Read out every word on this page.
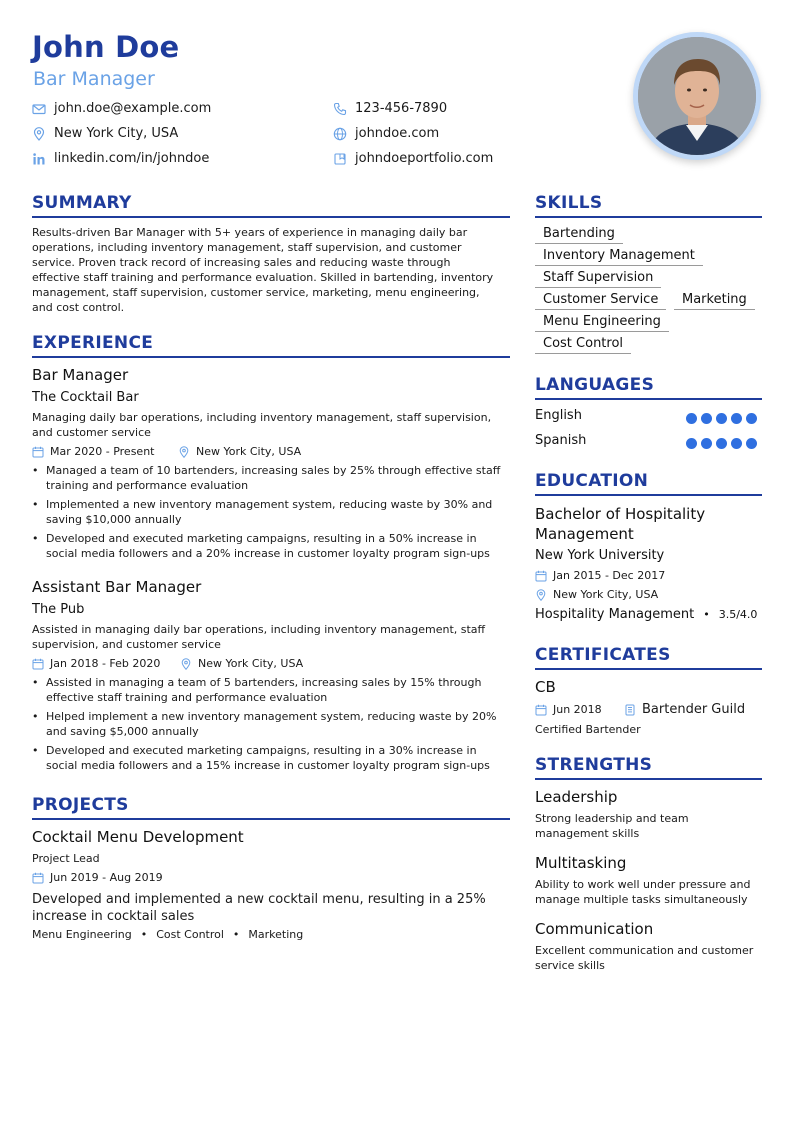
John Doe
Bar Manager
john.doe@example.com	123-456-7890
New York City, USA	johndoe.com
linkedin.com/in/johndoe	johndoeportfolio.com
SUMMARY
Results-driven Bar Manager with 5+ years of experience in managing daily bar
operations, including inventory management, staff supervision, and customer
service. Proven track record of increasing sales and reducing waste through
effective staff training and performance evaluation. Skilled in bartending, inventory
management, staff supervision, customer service, marketing, menu engineering,
and cost control.
EXPERIENCE
Bar Manager
The Cocktail Bar
Managing daily bar operations, including inventory management, staff supervision,
and customer service
Mar 2020 - Present	New York City, USA
• Managed a team of 10 bartenders, increasing sales by 25% through effective staff
training and performance evaluation
• Implemented a new inventory management system, reducing waste by 30% and
saving $10,000 annually
• Developed and executed marketing campaigns, resulting in a 50% increase in
social media followers and a 20% increase in customer loyalty program sign-ups
Assistant Bar Manager
The Pub
Assisted in managing daily bar operations, including inventory management, staff
supervision, and customer service
Jan 2018 - Feb 2020	New York City, USA
• Assisted in managing a team of 5 bartenders, increasing sales by 15% through
effective staff training and performance evaluation
• Helped implement a new inventory management system, reducing waste by 20%
and saving $5,000 annually
• Developed and executed marketing campaigns, resulting in a 30% increase in
social media followers and a 15% increase in customer loyalty program sign-ups
PROJECTS
Cocktail Menu Development
Project Lead
Jun 2019 - Aug 2019
Developed and implemented a new cocktail menu, resulting in a 25%
increase in cocktail sales
Menu Engineering • Cost Control • Marketing
SKILLS
Bartending
Inventory Management
Staff Supervision
Customer Service	Marketing
Menu Engineering
Cost Control
LANGUAGES
English
Spanish
EDUCATION
Bachelor of Hospitality
Management
New York University
Jan 2015 - Dec 2017
New York City, USA
Hospitality Management • 3.5/4.0
CERTIFICATES
CB
Jun 2018	Bartender Guild
Certified Bartender
STRENGTHS
Leadership
Strong leadership and team
management skills
Multitasking
Ability to work well under pressure and
manage multiple tasks simultaneously
Communication
Excellent communication and customer
service skills
